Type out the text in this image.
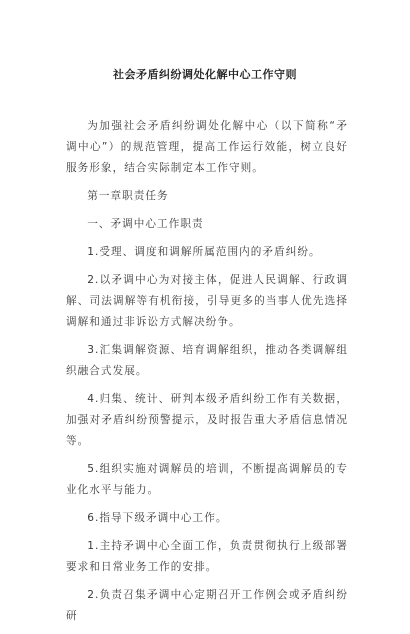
社会矛盾纠纷调处化解中心工作守则

为加强社会矛盾纠纷调处化解中心（以下简称“矛调中心”）的规范管理，提高工作运行效能，树立良好服务形象，结合实际制定本工作守则。

第一章职责任务

一、矛调中心工作职责

1.受理、调度和调解所属范围内的矛盾纠纷。

2.以矛调中心为对接主体，促进人民调解、行政调解、司法调解等有机衔接，引导更多的当事人优先选择调解和通过非诉讼方式解决纷争。

3.汇集调解资源、培育调解组织，推动各类调解组织融合式发展。

4.归集、统计、研判本级矛盾纠纷工作有关数据，加强对矛盾纠纷预警提示，及时报告重大矛盾信息情况等。

5.组织实施对调解员的培训，不断提高调解员的专业化水平与能力。

6.指导下级矛调中心工作。

1.主持矛调中心全面工作，负责贯彻执行上级部署要求和日常业务工作的安排。

2.负责召集矛调中心定期召开工作例会或矛盾纠纷研
